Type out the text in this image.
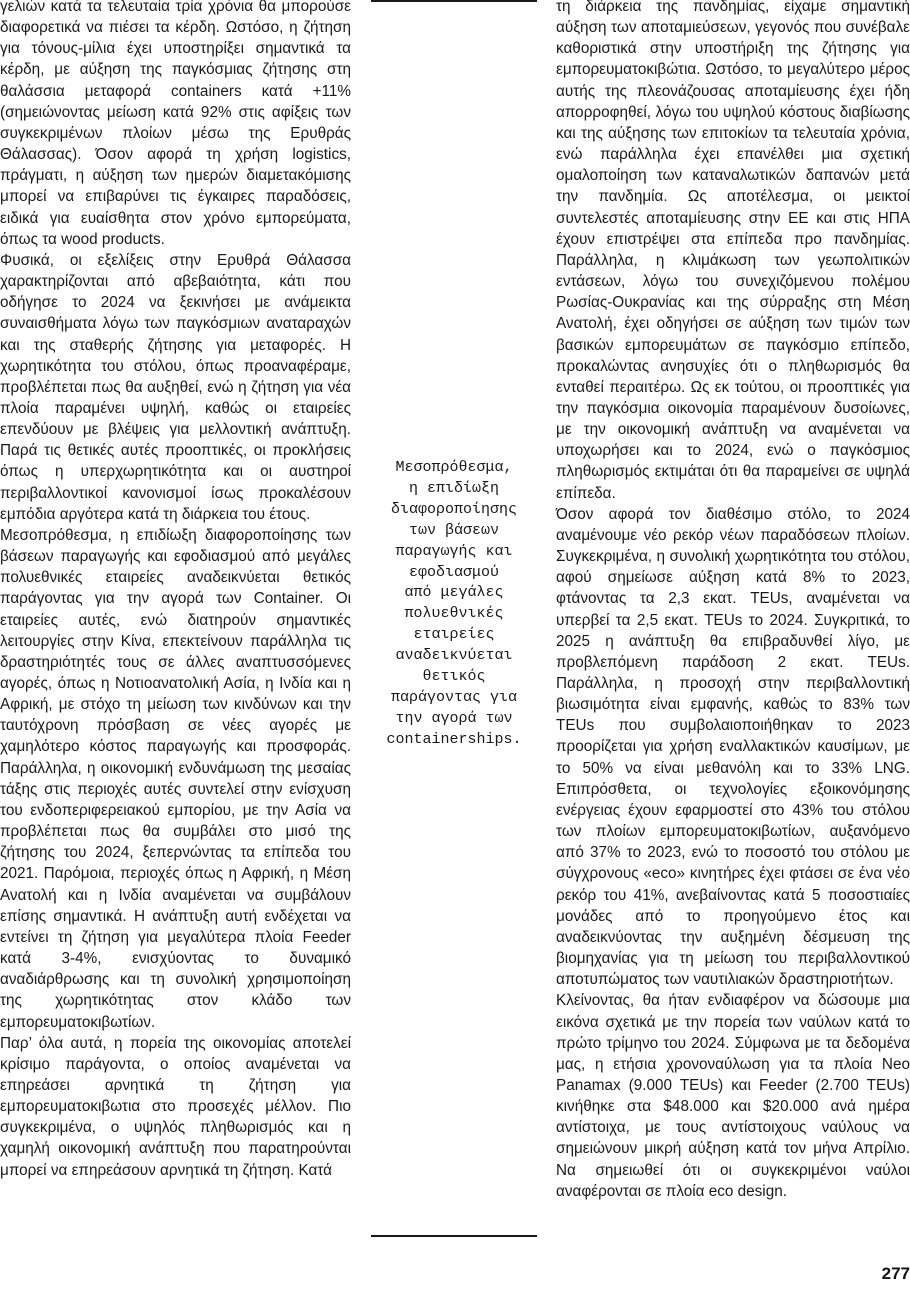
γελιών κατά τα τελευταία τρία χρόνια θα μπορούσε διαφορετικά να πιέσει τα κέρδη. Ωστόσο, η ζήτηση για τόνους-μίλια έχει υποστηρίξει σημαντικά τα κέρδη, με αύξηση της παγκόσμιας ζήτησης στη θαλάσσια μεταφορά containers κατά +11% (σημειώνοντας μείωση κατά 92% στις αφίξεις των συγκεκριμένων πλοίων μέσω της Ερυθράς Θάλασσας). Όσον αφορά τη χρήση logistics, πράγματι, η αύξηση των ημερών διαμετακόμισης μπορεί να επιβαρύνει τις έγκαιρες παραδόσεις, ειδικά για ευαίσθητα στον χρόνο εμπορεύματα, όπως τα wood products.

Φυσικά, οι εξελίξεις στην Ερυθρά Θάλασσα χαρακτηρίζονται από αβεβαιότητα, κάτι που οδήγησε το 2024 να ξεκινήσει με ανάμεικτα συναισθήματα λόγω των παγκόσμιων αναταραχών και της σταθερής ζήτησης για μεταφορές. Η χωρητικότητα του στόλου, όπως προαναφέραμε, προβλέπεται πως θα αυξηθεί, ενώ η ζήτηση για νέα πλοία παραμένει υψηλή, καθώς οι εταιρείες επενδύουν με βλέψεις για μελλοντική ανάπτυξη. Παρά τις θετικές αυτές προοπτικές, οι προκλήσεις όπως η υπερχωρητικότητα και οι αυστηροί περιβαλλοντικοί κανονισμοί ίσως προκαλέσουν εμπόδια αργότερα κατά τη διάρκεια του έτους.

Μεσοπρόθεσμα, η επιδίωξη διαφοροποίησης των βάσεων παραγωγής και εφοδιασμού από μεγάλες πολυεθνικές εταιρείες αναδεικνύεται θετικός παράγοντας για την αγορά των Container. Οι εταιρείες αυτές, ενώ διατηρούν σημαντικές λειτουργίες στην Κίνα, επεκτείνουν παράλληλα τις δραστηριότητές τους σε άλλες αναπτυσσόμενες αγορές, όπως η Νοτιοανατολική Ασία, η Ινδία και η Αφρική, με στόχο τη μείωση των κινδύνων και την ταυτόχρονη πρόσβαση σε νέες αγορές με χαμηλότερο κόστος παραγωγής και προσφοράς. Παράλληλα, η οικονομική ενδυνάμωση της μεσαίας τάξης στις περιοχές αυτές συντελεί στην ενίσχυση του ενδοπεριφερειακού εμπορίου, με την Ασία να προβλέπεται πως θα συμβάλει στο μισό της ζήτησης του 2024, ξεπερνώντας τα επίπεδα του 2021. Παρόμοια, περιοχές όπως η Αφρική, η Μέση Ανατολή και η Ινδία αναμένεται να συμβάλουν επίσης σημαντικά. Η ανάπτυξη αυτή ενδέχεται να εντείνει τη ζήτηση για μεγαλύτερα πλοία Feeder κατά 3-4%, ενισχύοντας το δυναμικό αναδιάρθρωσης και τη συνολική χρησιμοποίηση της χωρητικότητας στον κλάδο των εμπορευματοκιβωτίων.

Παρ’ όλα αυτά, η πορεία της οικονομίας αποτελεί κρίσιμο παράγοντα, ο οποίος αναμένεται να επηρεάσει αρνητικά τη ζήτηση για εμπορευματοκιβωτια στο προσεχές μέλλον. Πιο συγκεκριμένα, ο υψηλός πληθωρισμός και η χαμηλή οικονομική ανάπτυξη που παρατηρούνται μπορεί να επηρεάσουν αρνητικά τη ζήτηση. Κατά

Μεσοπρόθεσμα,
η επιδίωξη
διαφοροποίησης
των βάσεων
παραγωγής και
εφοδιασμού
από μεγάλες
πολυεθνικές
εταιρείες
αναδεικνύεται
θετικός
παράγοντας για
την αγορά των
containerships.

τη διάρκεια της πανδημίας, είχαμε σημαντική αύξηση των αποταμιεύσεων, γεγονός που συνέβαλε καθοριστικά στην υποστήριξη της ζήτησης για εμπορευματοκιβώτια. Ωστόσο, το μεγαλύτερο μέρος αυτής της πλεονάζουσας αποταμίευσης έχει ήδη απορροφηθεί, λόγω του υψηλού κόστους διαβίωσης και της αύξησης των επιτοκίων τα τελευταία χρόνια, ενώ παράλληλα έχει επανέλθει μια σχετική ομαλοποίηση των καταναλωτικών δαπανών μετά την πανδημία. Ως αποτέλεσμα, οι μεικτοί συντελεστές αποταμίευσης στην ΕΕ και στις ΗΠΑ έχουν επιστρέψει στα επίπεδα προ πανδημίας. Παράλληλα, η κλιμάκωση των γεωπολιτικών εντάσεων, λόγω του συνεχιζόμενου πολέμου Ρωσίας-Ουκρανίας και της σύρραξης στη Μέση Ανατολή, έχει οδηγήσει σε αύξηση των τιμών των βασικών εμπορευμάτων σε παγκόσμιο επίπεδο, προκαλώντας ανησυχίες ότι ο πληθωρισμός θα ενταθεί περαιτέρω. Ως εκ τούτου, οι προοπτικές για την παγκόσμια οικονομία παραμένουν δυσοίωνες, με την οικονομική ανάπτυξη να αναμένεται να υποχωρήσει και το 2024, ενώ ο παγκόσμιος πληθωρισμός εκτιμάται ότι θα παραμείνει σε υψηλά επίπεδα.

Όσον αφορά τον διαθέσιμο στόλο, το 2024 αναμένουμε νέο ρεκόρ νέων παραδόσεων πλοίων. Συγκεκριμένα, η συνολική χωρητικότητα του στόλου, αφού σημείωσε αύξηση κατά 8% το 2023, φτάνοντας τα 2,3 εκατ. TEUs, αναμένεται να υπερβεί τα 2,5 εκατ. TEUs το 2024. Συγκριτικά, το 2025 η ανάπτυξη θα επιβραδυνθεί λίγο, με προβλεπόμενη παράδοση 2 εκατ. TEUs. Παράλληλα, η προσοχή στην περιβαλλοντική βιωσιμότητα είναι εμφανής, καθώς το 83% των TEUs που συμβολαιοποιήθηκαν το 2023 προορίζεται για χρήση εναλλακτικών καυσίμων, με το 50% να είναι μεθανόλη και το 33% LNG. Επιπρόσθετα, οι τεχνολογίες εξοικονόμησης ενέργειας έχουν εφαρμοστεί στο 43% του στόλου των πλοίων εμπορευματοκιβωτίων, αυξανόμενο από 37% το 2023, ενώ το ποσοστό του στόλου με σύγχρονους «eco» κινητήρες έχει φτάσει σε ένα νέο ρεκόρ του 41%, ανεβαίνοντας κατά 5 ποσοστιαίες μονάδες από το προηγούμενο έτος και αναδεικνύοντας την αυξημένη δέσμευση της βιομηχανίας για τη μείωση του περιβαλλοντικού αποτυπώματος των ναυτιλιακών δραστηριοτήτων.

Κλείνοντας, θα ήταν ενδιαφέρον να δώσουμε μια εικόνα σχετικά με την πορεία των ναύλων κατά το πρώτο τρίμηνο του 2024. Σύμφωνα με τα δεδομένα μας, η ετήσια χρονοναύλωση για τα πλοία Neo Panamax (9.000 TEUs) και Feeder (2.700 TEUs) κινήθηκε στα $48.000 και $20.000 ανά ημέρα αντίστοιχα, με τους αντίστοιχους ναύλους να σημειώνουν μικρή αύξηση κατά τον μήνα Απρίλιο. Να σημειωθεί ότι οι συγκεκριμένοι ναύλοι αναφέρονται σε πλοία eco design.

277
